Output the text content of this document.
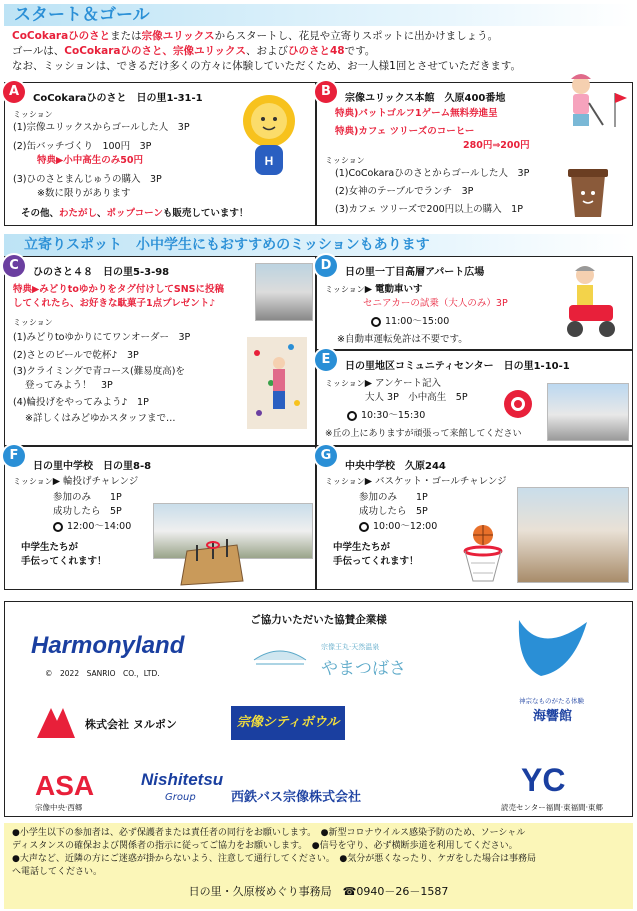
スタート＆ゴール
CoCokaraひのさとまたは宗像ユリックスからスタートし、花見や立寄りスポットに出かけましょう。
ゴールは、CoCokaraひのさと、宗像ユリックス、およびひのさと48です。
なお、ミッションは、できるだけ多くの方々に体験していただくため、お一人様1回とさせていただきます。
A	CoCokaraひのさと　日の里1-31-1
ミッション
(1)宗像ユリックスからゴールした人　3P
(2)缶バッチづくり　100円　3P
特典▶小中高生のみ50円
(3)ひのさとまんじゅうの購入　3P
※数に限りがあります
その他、わたがし、ポップコーンも販売しています！
H
B	宗像ユリックス本館　久原400番地
特典)パットゴルフ1ゲーム無料券進呈
特典)カフェ ツリーズのコーヒー
280円⇒200円
ミッション
(1)CoCokaraひのさとからゴールした人　3P
(2)女神のテーブルでランチ　3P
(3)カフェ ツリーズで200円以上の購入　1P
立寄りスポット　小中学生にもおすすめのミッションもあります
C	ひのさと４８　日の里5-3-98
特典▶みどりtoゆかりをタグ付けしてSNSに投稿
してくれたら、お好きな駄菓子1点プレゼント♪
ミッション
(1)みどりtoゆかりにてワンオーダー　3P
(2)さとのビールで乾杯♪　3P
(3)クライミングで青コース(難易度高)を
登ってみよう！　3P
(4)輪投げをやってみよう♪　1P
※詳しくはみどゆかスタッフまで…
D	日の里一丁目高層アパート広場
ミッション▶ 電動車いす
セニアカーの試乗（大人のみ）3P
11:00～15:00
※自動車運転免許は不要です。
E	日の里地区コミュニティセンター　日の里1-10-1
ミッション▶ アンケート記入
大人 3P　小中高生　5P
10:30～15:30
※丘の上にありますが頑張って来館してください
F
日の里中学校　日の里8-8
ミッション▶ 輪投げチャレンジ
参加のみ　　1P
成功したら　5P
12:00～14:00
中学生たちが
手伝ってくれます！
G
中央中学校　久原244
ミッション▶ バスケット・ゴールチャレンジ
参加のみ　　1P
成功したら　5P
10:00～12:00
中学生たちが
手伝ってくれます！
ご協力いただいた協賛企業様
Harmonyland
©　2022　SANRIO　CO.，LTD.
宗像王丸·天然温泉
やまつばさ
神宗なものがたる体験
海響館
株式会社 ヌルポン	宗像シティボウル
ASA
宗像中央·西郷
Nishitetsu
Group	西鉄バス宗像株式会社	YC
読売センター福間·東福間·東郷
●小学生以下の参加者は、必ず保護者または責任者の同行をお願いします。　●新型コロナウイルス感染予防のため、ソーシャル
ディスタンスの確保および関係者の指示に従ってご協力をお願いします。　●信号を守り、必ず横断歩道を利用してください。
●大声など、近隣の方にご迷惑が掛からないよう、注意して通行してください。　●気分が悪くなったり、ケガをした場合は事務局
へ電話してください。
日の里・久原桜めぐり事務局　☎0940－26－1587
